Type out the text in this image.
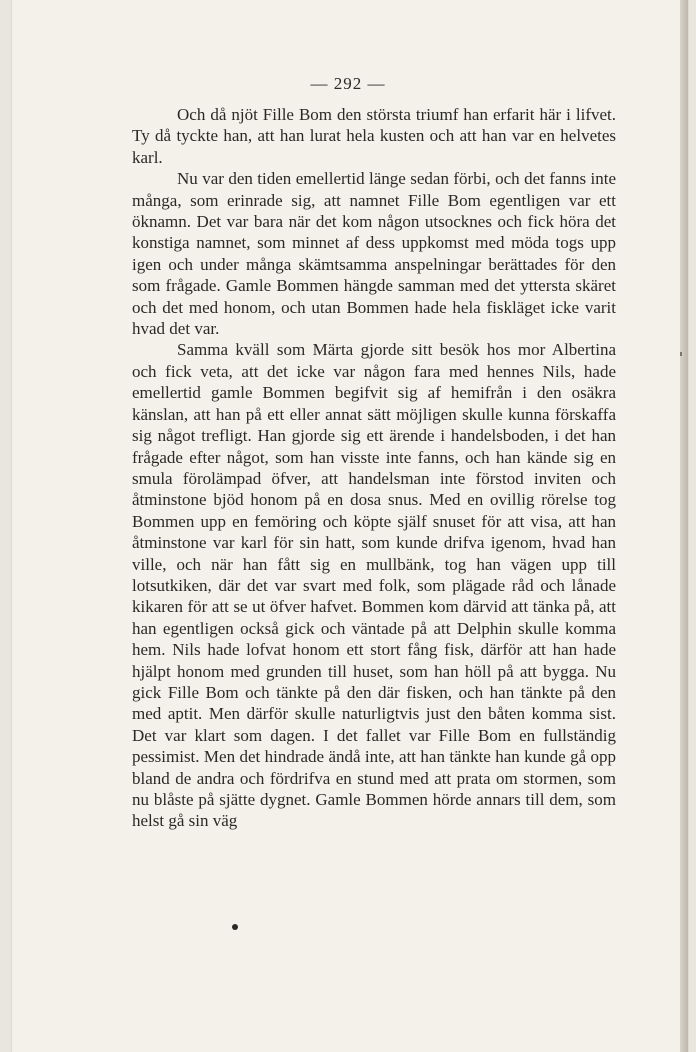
— 292 —

Och då njöt Fille Bom den största triumf han erfarit här i lifvet. Ty då tyckte han, att han lurat hela kusten och att han var en helvetes karl.

Nu var den tiden emellertid länge sedan förbi, och det fanns inte många, som erinrade sig, att namnet Fille Bom egentligen var ett öknamn. Det var bara när det kom någon utsocknes och fick höra det konstiga namnet, som minnet af dess uppkomst med möda togs upp igen och under många skämtsamma anspelningar berättades för den som frågade. Gamle Bommen hängde samman med det yttersta skäret och det med honom, och utan Bommen hade hela fiskläget icke varit hvad det var.

Samma kväll som Märta gjorde sitt besök hos mor Albertina och fick veta, att det icke var någon fara med hennes Nils, hade emellertid gamle Bommen begifvit sig af hemifrån i den osäkra känslan, att han på ett eller annat sätt möjligen skulle kunna förskaffa sig något trefligt. Han gjorde sig ett ärende i handelsboden, i det han frågade efter något, som han visste inte fanns, och han kände sig en smula förolämpad öfver, att handelsman inte förstod inviten och åtminstone bjöd honom på en dosa snus. Med en ovillig rörelse tog Bommen upp en femöring och köpte själf snuset för att visa, att han åtminstone var karl för sin hatt, som kunde drifva igenom, hvad han ville, och när han fått sig en mullbänk, tog han vägen upp till lotsutkiken, där det var svart med folk, som plägade råd och lånade kikaren för att se ut öfver hafvet. Bommen kom därvid att tänka på, att han egentligen också gick och väntade på att Delphin skulle komma hem. Nils hade lofvat honom ett stort fång fisk, därför att han hade hjälpt honom med grunden till huset, som han höll på att bygga. Nu gick Fille Bom och tänkte på den där fisken, och han tänkte på den med aptit. Men därför skulle naturligtvis just den båten komma sist. Det var klart som dagen. I det fallet var Fille Bom en fullständig pessimist. Men det hindrade ändå inte, att han tänkte han kunde gå opp bland de andra och fördrifva en stund med att prata om stormen, som nu blåste på sjätte dygnet. Gamle Bommen hörde annars till dem, som helst gå sin väg
